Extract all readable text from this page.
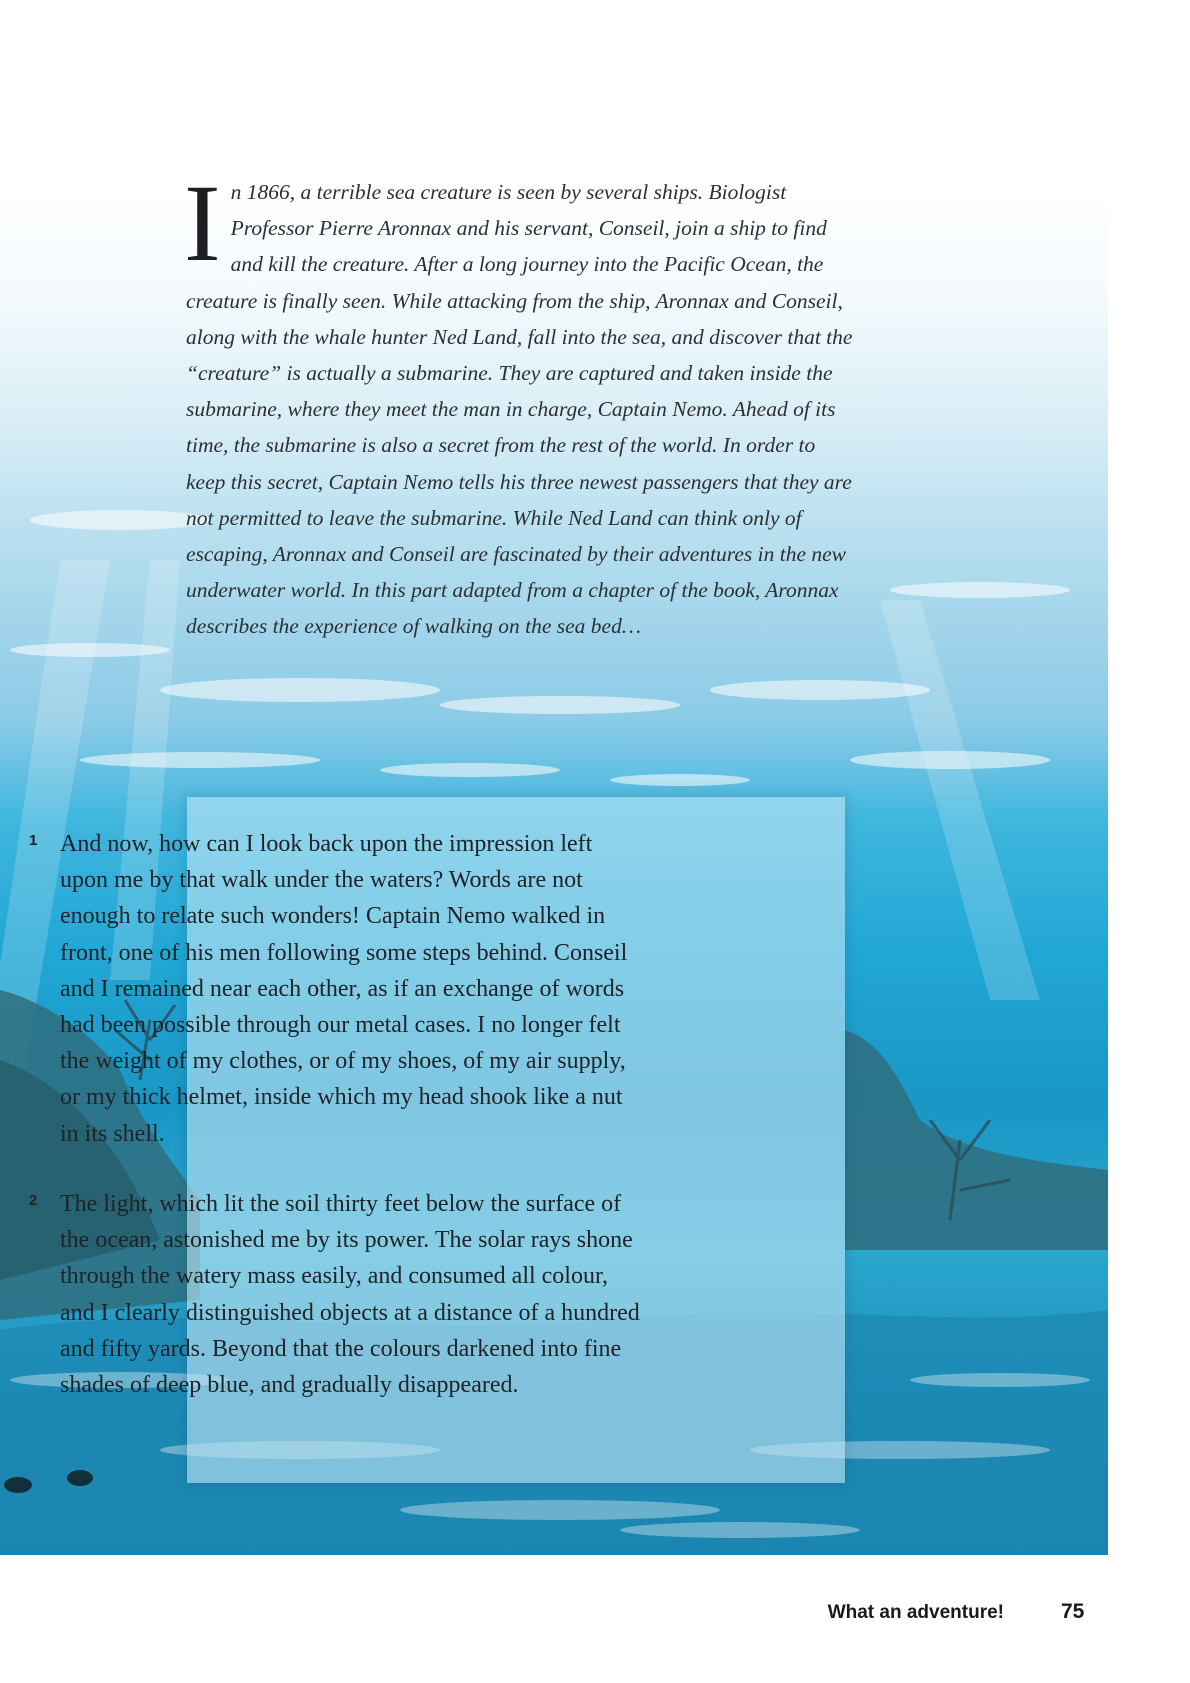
In 1866, a terrible sea creature is seen by several ships. Biologist Professor Pierre Aronnax and his servant, Conseil, join a ship to find and kill the creature. After a long journey into the Pacific Ocean, the creature is finally seen. While attacking from the ship, Aronnax and Conseil, along with the whale hunter Ned Land, fall into the sea, and discover that the “creature” is actually a submarine. They are captured and taken inside the submarine, where they meet the man in charge, Captain Nemo. Ahead of its time, the submarine is also a secret from the rest of the world. In order to keep this secret, Captain Nemo tells his three newest passengers that they are not permitted to leave the submarine. While Ned Land can think only of escaping, Aronnax and Conseil are fascinated by their adventures in the new underwater world. In this part adapted from a chapter of the book, Aronnax describes the experience of walking on the sea bed…

1 And now, how can I look back upon the impression left upon me by that walk under the waters? Words are not enough to relate such wonders! Captain Nemo walked in front, one of his men following some steps behind. Conseil and I remained near each other, as if an exchange of words had been possible through our metal cases. I no longer felt the weight of my clothes, or of my shoes, of my air supply, or my thick helmet, inside which my head shook like a nut in its shell.

2 The light, which lit the soil thirty feet below the surface of the ocean, astonished me by its power. The solar rays shone through the watery mass easily, and consumed all colour, and I clearly distinguished objects at a distance of a hundred and fifty yards. Beyond that the colours darkened into fine shades of deep blue, and gradually disappeared.

What an adventure!	75
